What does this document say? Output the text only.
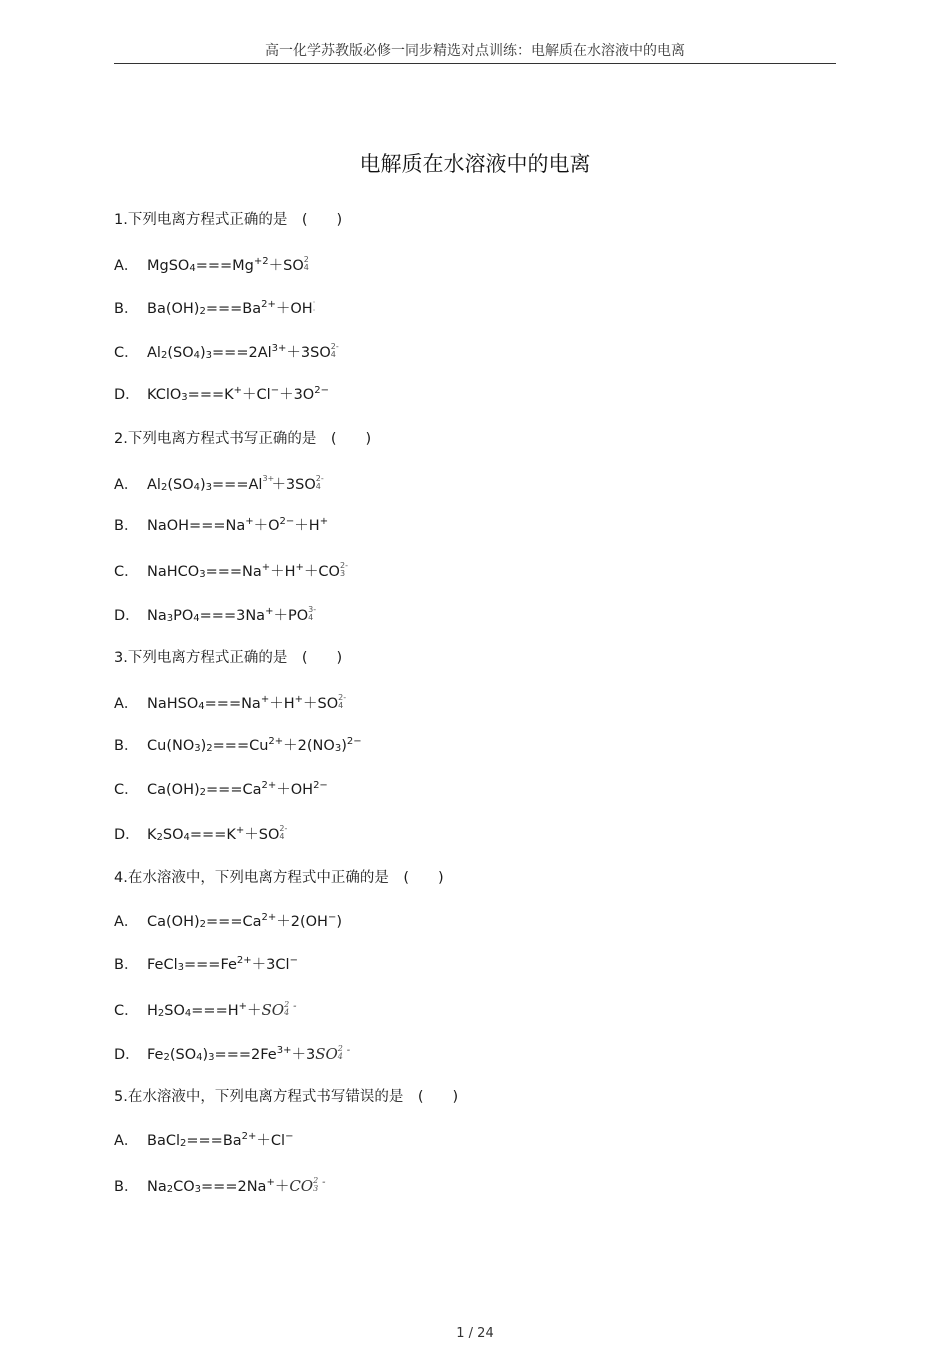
高一化学苏教版必修一同步精选对点训练：电解质在水溶液中的电离
电解质在水溶液中的电离
1.下列电离方程式正确的是　(　　)
A． $MgSO_4===Mg^{+2}+SO$ 2
4
B． $Ba(OH)_2===Ba^{2+}+OH$ ·
·
C． $Al_2(SO_4)_3===2Al^{3+}+3SO$ 2-
4
D． $KClO_3===K^++Cl^-+3O^{2-}$
2.下列电离方程式书写正确的是　(　　)
A． $Al_2(SO_4)_3===Al$ 3+
＋3SO 2-
4
B． $NaOH===Na^++O^{2-}+H^+$
C． NaHCO$_3$===Na+＋H+＋CO 2-
3
D． $Na_3PO_4===3Na^++PO$ 3-
4
3.下列电离方程式正确的是　(　　)
A． NaHSO$_4$===Na+＋H+＋SO 2-
4
B． $Cu(NO_3)_2===Cu^{2+}+2(NO_3)^{2-}$
C． $Ca(OH)_2===Ca^{2+}+OH^{2-}$
D． $K_2SO_4===K^++SO$ 2-
4
4.在水溶液中，下列电离方程式中正确的是　(　　)
A． $Ca(OH)_2===Ca^{2+}+2(OH^-)$
B． $FeCl_3===Fe^{2+}+3Cl^-$
C． $H_2SO_4===H^++SO$ 2
4
-
D． $Fe_2(SO_4)_3===2Fe^{3+}+3SO$ 2
4
-
5.在水溶液中，下列电离方程式书写错误的是　(　　)
A． $BaCl_2===Ba^{2+}+Cl^-$
B． $Na_2CO_3===2Na^++CO$ 2
3
-
1 / 24
